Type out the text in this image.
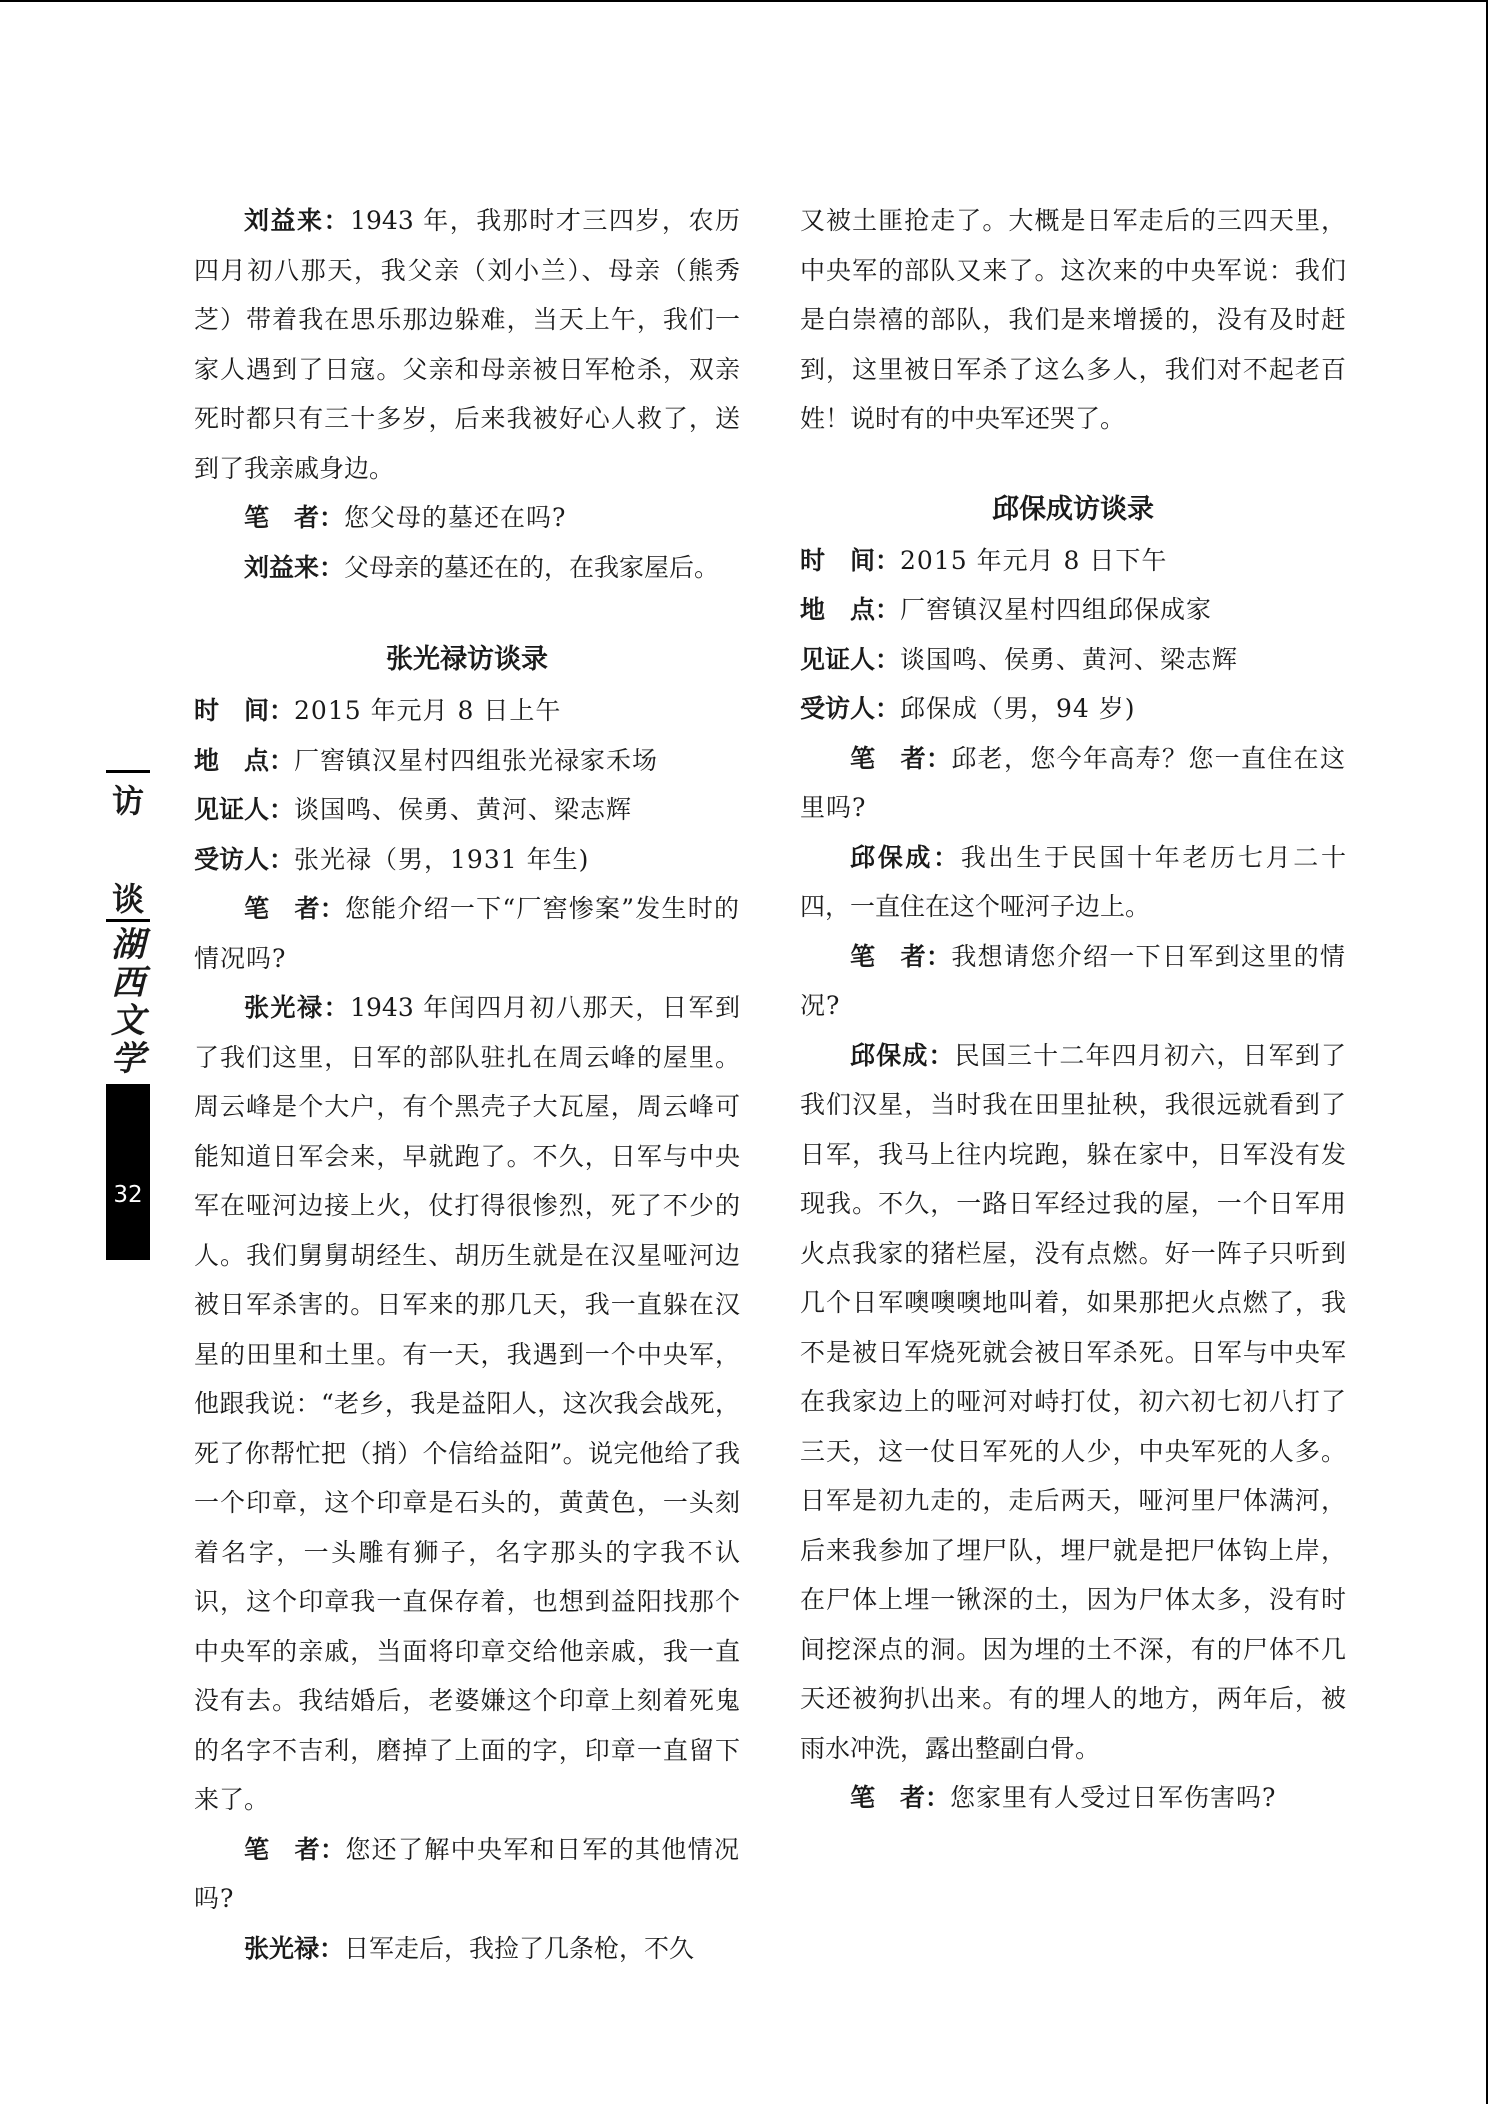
访
谈
湖
西
文
学
32

刘益来：1943 年，我那时才三四岁，农历四月初八那天，我父亲（刘小兰）、母亲（熊秀芝）带着我在思乐那边躲难，当天上午，我们一家人遇到了日寇。父亲和母亲被日军枪杀，双亲死时都只有三十多岁，后来我被好心人救了，送到了我亲戚身边。

笔　者：您父母的墓还在吗?

刘益来：父母亲的墓还在的，在我家屋后。

张光禄访谈录

时　间：2015 年元月 8 日上午

地　点：厂窖镇汉星村四组张光禄家禾场

见证人：谈国鸣、侯勇、黄河、梁志辉

受访人：张光禄（男，1931 年生)

笔　者：您能介绍一下“厂窖惨案”发生时的情况吗?

张光禄：1943 年闰四月初八那天，日军到了我们这里，日军的部队驻扎在周云峰的屋里。周云峰是个大户，有个黑壳子大瓦屋，周云峰可能知道日军会来，早就跑了。不久，日军与中央军在哑河边接上火，仗打得很惨烈，死了不少的人。我们舅舅胡经生、胡历生就是在汉星哑河边被日军杀害的。日军来的那几天，我一直躲在汉星的田里和土里。有一天，我遇到一个中央军，他跟我说：“老乡，我是益阳人，这次我会战死，死了你帮忙把（捎）个信给益阳”。说完他给了我一个印章，这个印章是石头的，黄黄色，一头刻着名字，一头雕有狮子，名字那头的字我不认识，这个印章我一直保存着，也想到益阳找那个中央军的亲戚，当面将印章交给他亲戚，我一直没有去。我结婚后，老婆嫌这个印章上刻着死鬼的名字不吉利，磨掉了上面的字，印章一直留下来了。

笔　者：您还了解中央军和日军的其他情况吗?

张光禄：日军走后，我捡了几条枪，不久

又被土匪抢走了。大概是日军走后的三四天里，中央军的部队又来了。这次来的中央军说：我们是白崇禧的部队，我们是来增援的，没有及时赶到，这里被日军杀了这么多人，我们对不起老百姓！说时有的中央军还哭了。

邱保成访谈录

时　间：2015 年元月 8 日下午

地　点：厂窖镇汉星村四组邱保成家

见证人：谈国鸣、侯勇、黄河、梁志辉

受访人：邱保成（男，94 岁)

笔　者：邱老，您今年高寿？您一直住在这里吗?

邱保成：我出生于民国十年老历七月二十四，一直住在这个哑河子边上。

笔　者：我想请您介绍一下日军到这里的情况?

邱保成：民国三十二年四月初六，日军到了我们汉星，当时我在田里扯秧，我很远就看到了日军，我马上往内垸跑，躲在家中，日军没有发现我。不久，一路日军经过我的屋，一个日军用火点我家的猪栏屋，没有点燃。好一阵子只听到几个日军噢噢噢地叫着，如果那把火点燃了，我不是被日军烧死就会被日军杀死。日军与中央军在我家边上的哑河对峙打仗，初六初七初八打了三天，这一仗日军死的人少，中央军死的人多。日军是初九走的，走后两天，哑河里尸体满河，后来我参加了埋尸队，埋尸就是把尸体钩上岸，在尸体上埋一锹深的土，因为尸体太多，没有时间挖深点的洞。因为埋的土不深，有的尸体不几天还被狗扒出来。有的埋人的地方，两年后，被雨水冲洗，露出整副白骨。

笔　者：您家里有人受过日军伤害吗?
